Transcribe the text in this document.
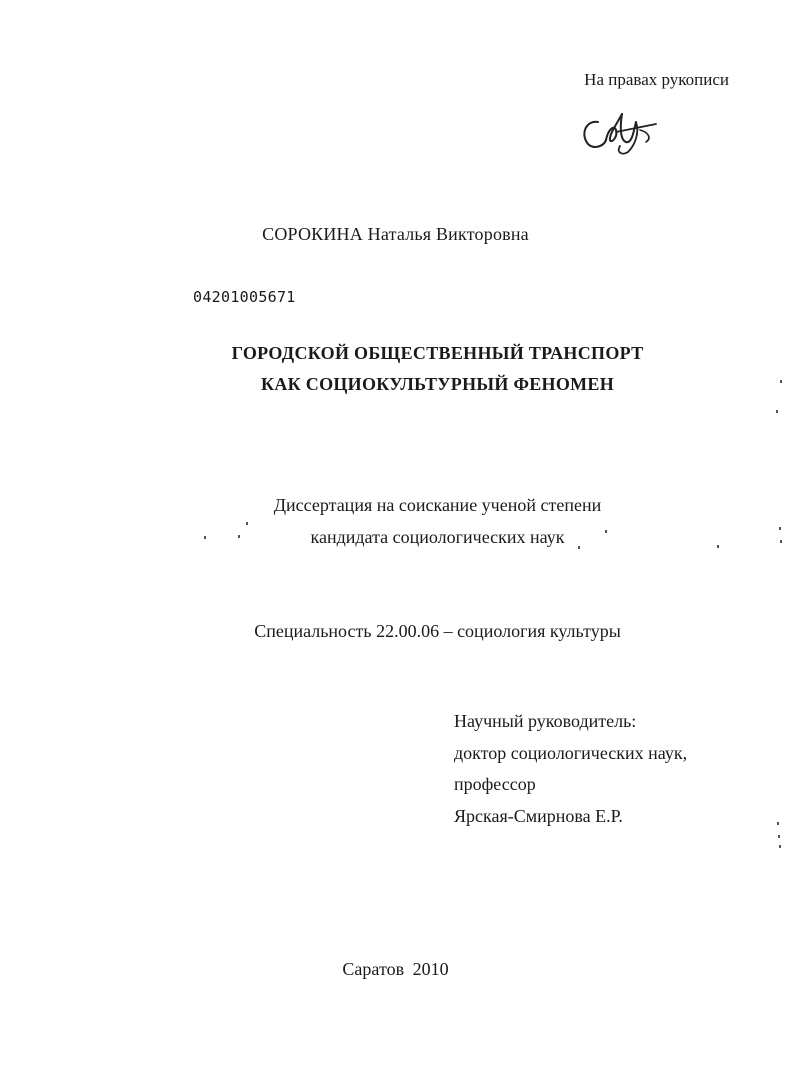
На правах рукописи
СОРОКИНА Наталья Викторовна
04201005671
ГОРОДСКОЙ ОБЩЕСТВЕННЫЙ ТРАНСПОРТ
КАК СОЦИОКУЛЬТУРНЫЙ ФЕНОМЕН
Диссертация на соискание ученой степени
кандидата социологических наук
Специальность 22.00.06 – социология культуры
Научный руководитель:
доктор социологических наук,
профессор
Ярская-Смирнова Е.Р.
Саратов 2010
